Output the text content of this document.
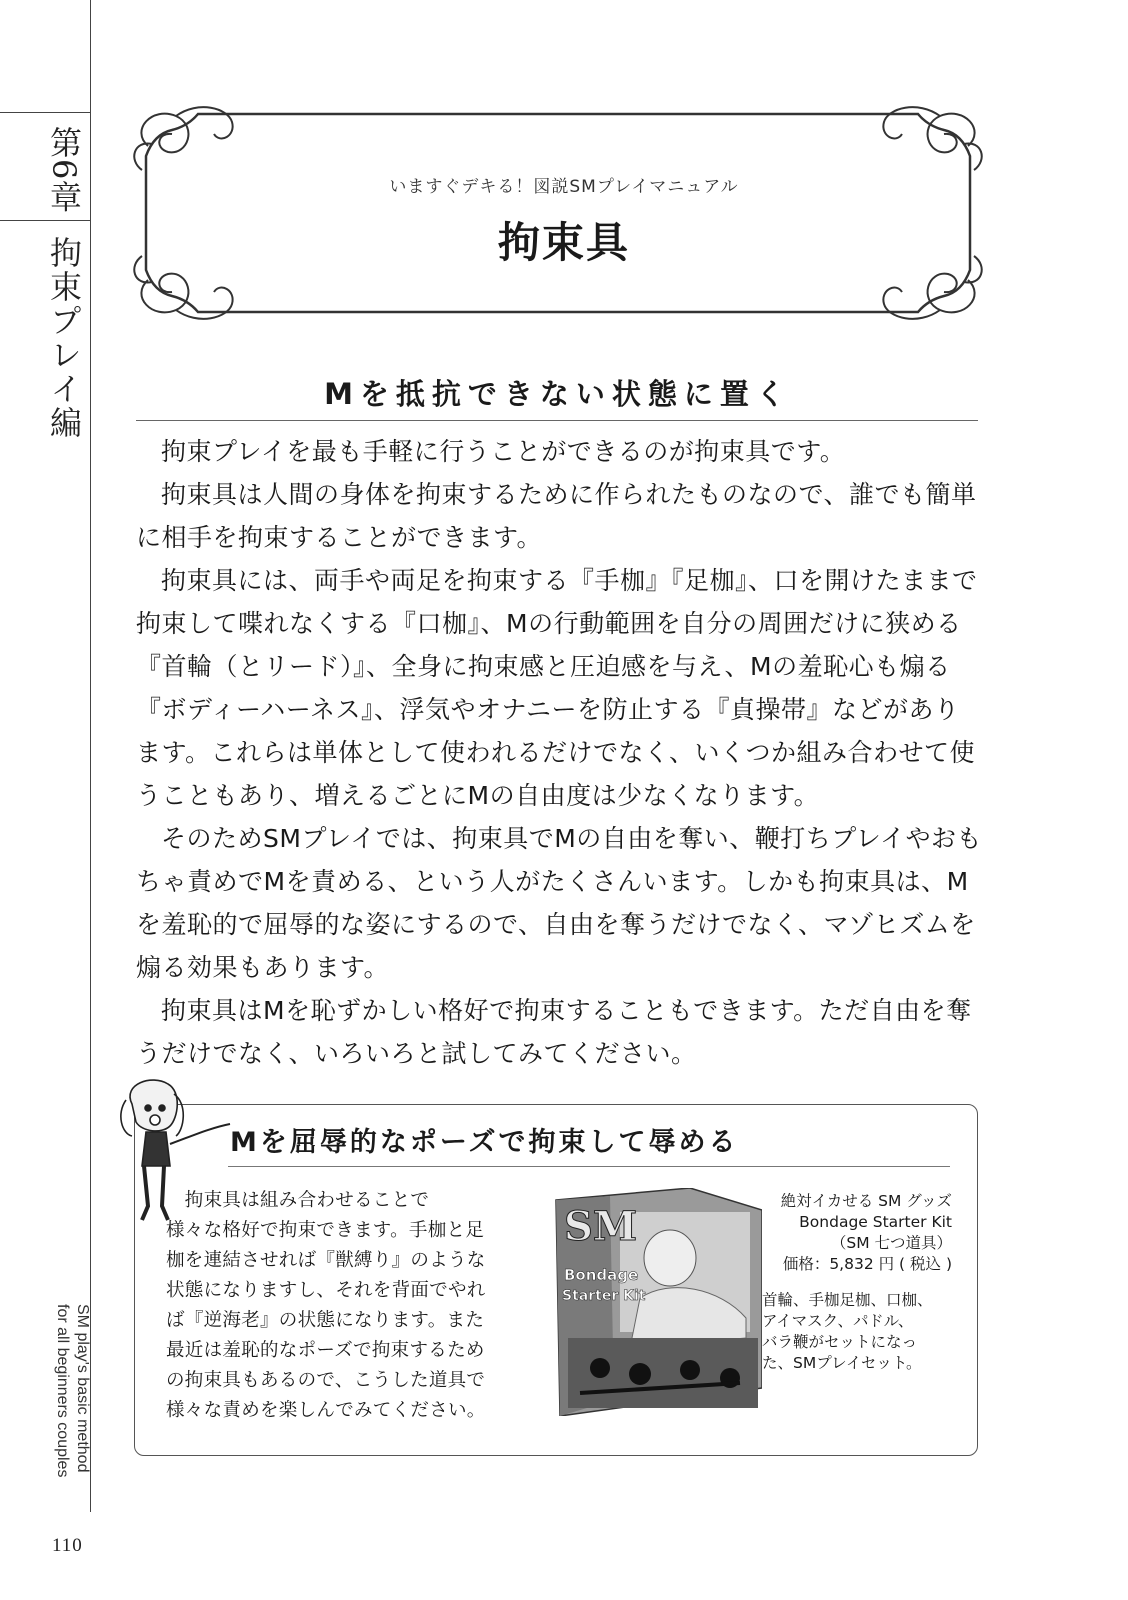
第6章
拘束プレイ編
SM play's basic method
for all beginners couples
110
いますぐデキる！図説SMプレイマニュアル
拘束具
Mを抵抗できない状態に置く

拘束プレイを最も手軽に行うことができるのが拘束具です。

拘束具は人間の身体を拘束するために作られたものなので、誰でも簡単に相手を拘束することができます。

拘束具には、両手や両足を拘束する『手枷』『足枷』、口を開けたままで拘束して喋れなくする『口枷』、Mの行動範囲を自分の周囲だけに狭める『首輪（とリード）』、全身に拘束感と圧迫感を与え、Mの羞恥心も煽る『ボディーハーネス』、浮気やオナニーを防止する『貞操帯』などがあります。これらは単体として使われるだけでなく、いくつか組み合わせて使うこともあり、増えるごとにMの自由度は少なくなります。

そのためSMプレイでは、拘束具でMの自由を奪い、鞭打ちプレイやおもちゃ責めでMを責める、という人がたくさんいます。しかも拘束具は、Mを羞恥的で屈辱的な姿にするので、自由を奪うだけでなく、マゾヒズムを煽る効果もあります。

拘束具はMを恥ずかしい格好で拘束することもできます。ただ自由を奪うだけでなく、いろいろと試してみてください。

Mを屈辱的なポーズで拘束して辱める
　拘束具は組み合わせることで
様々な格好で拘束できます。手枷と足
枷を連結させれば『獣縛り』のような
状態になりますし、それを背面でやれ
ば『逆海老』の状態になります。また
最近は羞恥的なポーズで拘束するため
の拘束具もあるので、こうした道具で
様々な責めを楽しんでみてください。
SM
Bondage
Starter Kit
絶対イカせる SM グッズ
Bondage Starter Kit
（SM 七つ道具）
価格：5,832 円 ( 税込 )
首輪、手枷足枷、口枷、
アイマスク、パドル、
バラ鞭がセットになっ
た、SMプレイセット。
